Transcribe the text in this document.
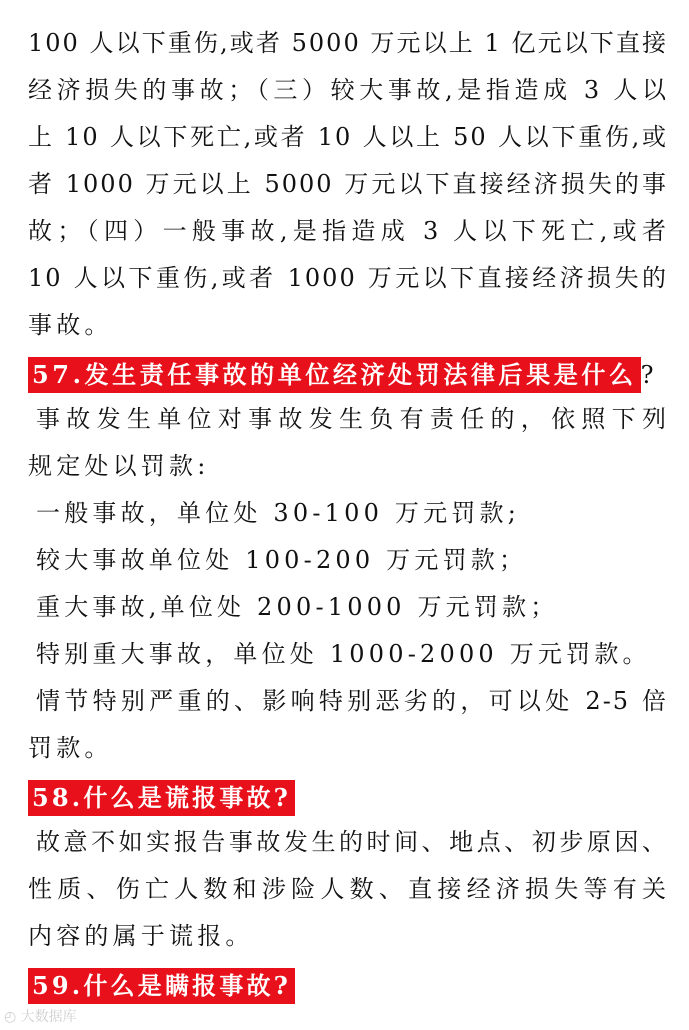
100 人以下重伤,或者 5000 万元以上 1 亿元以下直接
经济损失的事故；（三）较大事故,是指造成 3 人以
上 10 人以下死亡,或者 10 人以上 50 人以下重伤,或
者 1000 万元以上 5000 万元以下直接经济损失的事
故；（四）一般事故,是指造成 3 人以下死亡,或者
10 人以下重伤,或者 1000 万元以下直接经济损失的
事故。
57.发生责任事故的单位经济处罚法律后果是什么 ?
事故发生单位对事故发生负有责任的，依照下列
规定处以罚款:
一般事故，单位处 30-100 万元罚款;
较大事故单位处 100-200 万元罚款；
重大事故,单位处 200-1000 万元罚款；
特别重大事故，单位处 1000-2000 万元罚款。
情节特别严重的、影响特别恶劣的，可以处 2-5 倍
罚款。
58.什么是谎报事故?
故意不如实报告事故发生的时间、地点、初步原因、
性质、伤亡人数和涉险人数、直接经济损失等有关
内容的属于谎报。
59.什么是瞒报事故?
◴ 大数据库
